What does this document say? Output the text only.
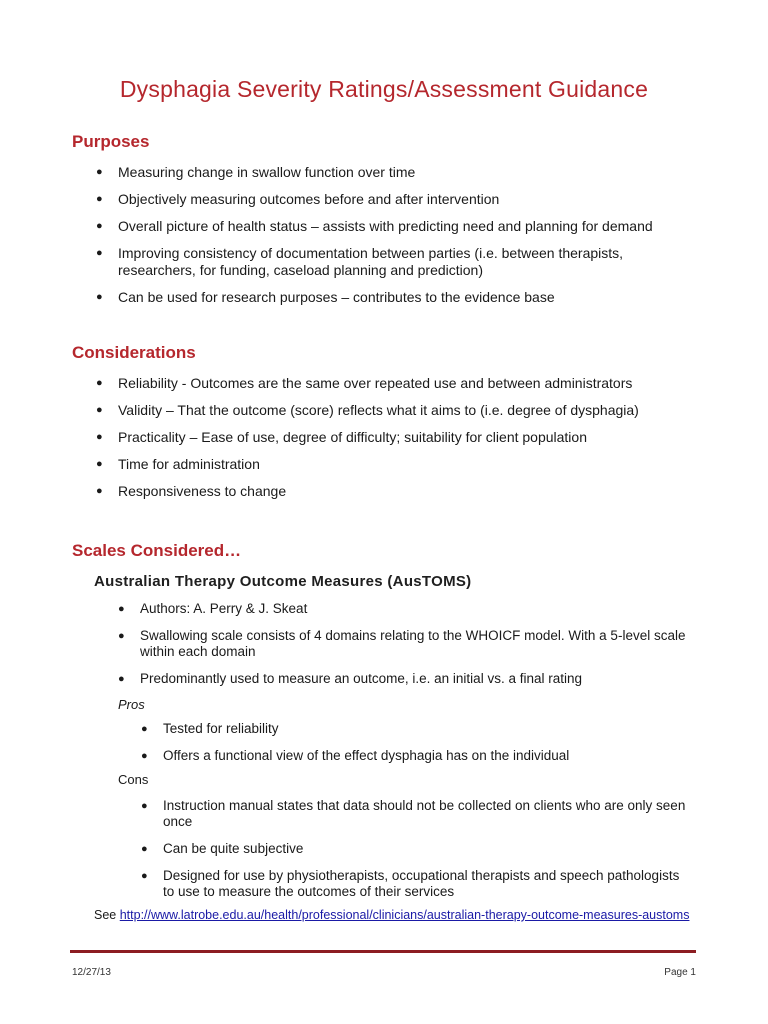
Dysphagia Severity Ratings/Assessment Guidance
Purposes
● Measuring change in swallow function over time
● Objectively measuring outcomes before and after intervention
● Overall picture of health status – assists with predicting need and planning for demand
● Improving consistency of documentation between parties (i.e. between therapists, researchers, for funding, caseload planning and prediction)
● Can be used for research purposes – contributes to the evidence base
Considerations
● Reliability - Outcomes are the same over repeated use and between administrators
● Validity – That the outcome (score) reflects what it aims to (i.e. degree of dysphagia)
● Practicality – Ease of use, degree of difficulty; suitability for client population
● Time for administration
● Responsiveness to change
Scales Considered…
Australian Therapy Outcome Measures (AusTOMS)
● Authors: A. Perry & J. Skeat
● Swallowing scale consists of 4 domains relating to the WHOICF model. With a 5-level scale within each domain
● Predominantly used to measure an outcome, i.e. an initial vs. a final rating
Pros
● Tested for reliability
● Offers a functional view of the effect dysphagia has on the individual
Cons
● Instruction manual states that data should not be collected on clients who are only seen once
● Can be quite subjective
● Designed for use by physiotherapists, occupational therapists and speech pathologists to use to measure the outcomes of their services
See http://www.latrobe.edu.au/health/professional/clinicians/australian-therapy-outcome-measures-austoms
12/27/13	Page 1
